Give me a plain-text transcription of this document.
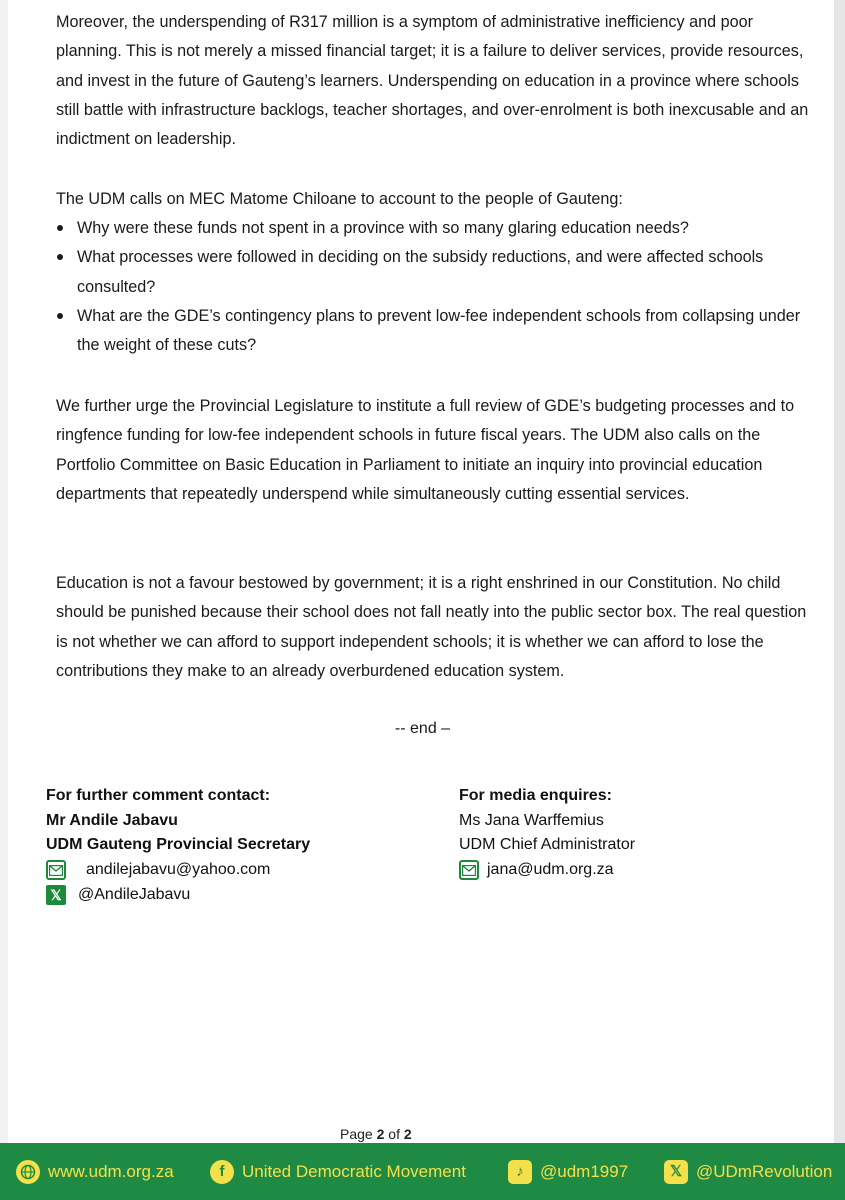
Moreover, the underspending of R317 million is a symptom of administrative inefficiency and poor planning. This is not merely a missed financial target; it is a failure to deliver services, provide resources, and invest in the future of Gauteng’s learners. Underspending on education in a province where schools still battle with infrastructure backlogs, teacher shortages, and over-enrolment is both inexcusable and an indictment on leadership.

The UDM calls on MEC Matome Chiloane to account to the people of Gauteng:

Why were these funds not spent in a province with so many glaring education needs?
What processes were followed in deciding on the subsidy reductions, and were affected schools consulted?
What are the GDE’s contingency plans to prevent low-fee independent schools from collapsing under the weight of these cuts?

We further urge the Provincial Legislature to institute a full review of GDE’s budgeting processes and to ringfence funding for low-fee independent schools in future fiscal years. The UDM also calls on the Portfolio Committee on Basic Education in Parliament to initiate an inquiry into provincial education departments that repeatedly underspend while simultaneously cutting essential services.

Education is not a favour bestowed by government; it is a right enshrined in our Constitution. No child should be punished because their school does not fall neatly into the public sector box. The real question is not whether we can afford to support independent schools; it is whether we can afford to lose the contributions they make to an already overburdened education system.

-- end –
For further comment contact:
Mr Andile Jabavu
UDM Gauteng Provincial Secretary
andilejabavu@yahoo.com
𝕏 @AndileJabavu
For media enquires:
Ms Jana Warffemius
UDM Chief Administrator
jana@udm.org.za
Page 2 of 2
www.udm.org.za	f	United Democratic Movement	♪ @udm1997	𝕏 @UDmRevolution
